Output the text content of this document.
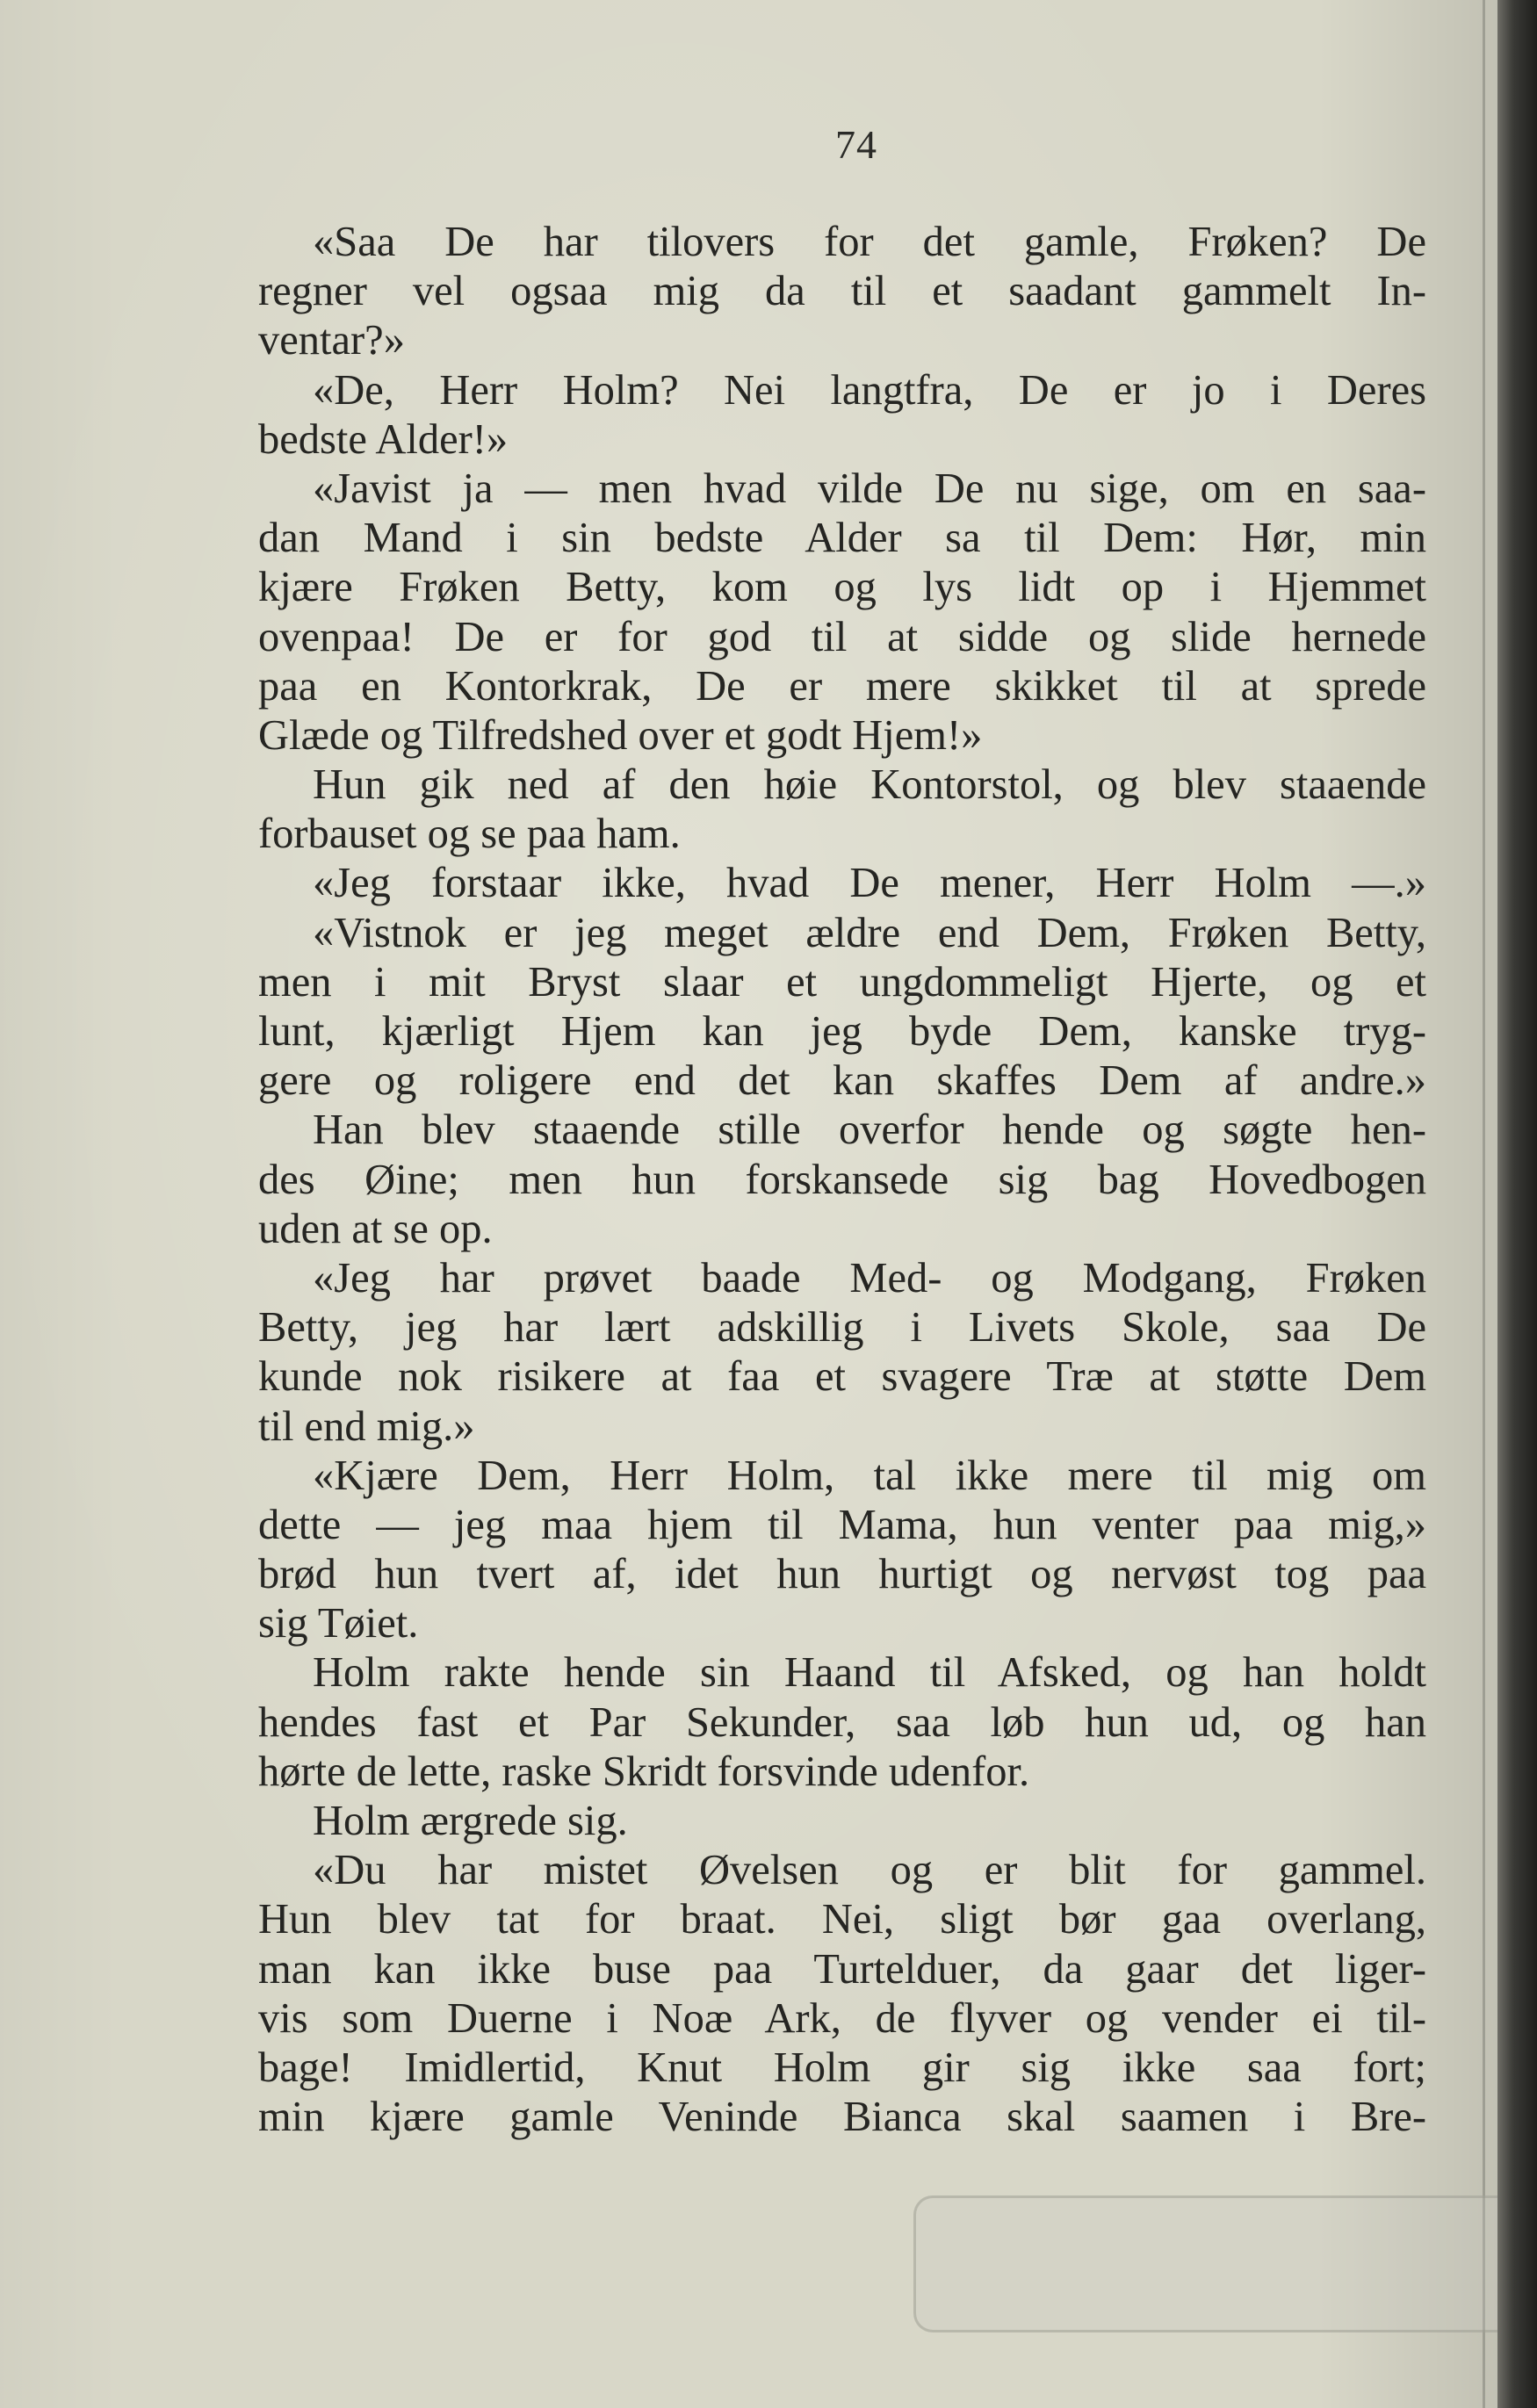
74
«Saa De har tilovers for det gamle, Frøken? De
regner vel ogsaa mig da til et saadant gammelt In-
ventar?»
«De, Herr Holm? Nei langtfra, De er jo i Deres
bedste Alder!»
«Javist ja — men hvad vilde De nu sige, om en saa-
dan Mand i sin bedste Alder sa til Dem: Hør, min
kjære Frøken Betty, kom og lys lidt op i Hjemmet
ovenpaa! De er for god til at sidde og slide hernede
paa en Kontorkrak, De er mere skikket til at sprede
Glæde og Tilfredshed over et godt Hjem!»
Hun gik ned af den høie Kontorstol, og blev staaende
forbauset og se paa ham.
«Jeg forstaar ikke, hvad De mener, Herr Holm —.»
«Vistnok er jeg meget ældre end Dem, Frøken Betty,
men i mit Bryst slaar et ungdommeligt Hjerte, og et
lunt, kjærligt Hjem kan jeg byde Dem, kanske tryg-
gere og roligere end det kan skaffes Dem af andre.»
Han blev staaende stille overfor hende og søgte hen-
des Øine; men hun forskansede sig bag Hovedbogen
uden at se op.
«Jeg har prøvet baade Med- og Modgang, Frøken
Betty, jeg har lært adskillig i Livets Skole, saa De
kunde nok risikere at faa et svagere Træ at støtte Dem
til end mig.»
«Kjære Dem, Herr Holm, tal ikke mere til mig om
dette — jeg maa hjem til Mama, hun venter paa mig,»
brød hun tvert af, idet hun hurtigt og nervøst tog paa
sig Tøiet.
Holm rakte hende sin Haand til Afsked, og han holdt
hendes fast et Par Sekunder, saa løb hun ud, og han
hørte de lette, raske Skridt forsvinde udenfor.
Holm ærgrede sig.
«Du har mistet Øvelsen og er blit for gammel.
Hun blev tat for braat. Nei, sligt bør gaa overlang,
man kan ikke buse paa Turtelduer, da gaar det liger-
vis som Duerne i Noæ Ark, de flyver og vender ei til-
bage! Imidlertid, Knut Holm gir sig ikke saa fort;
min kjære gamle Veninde Bianca skal saamen i Bre-
